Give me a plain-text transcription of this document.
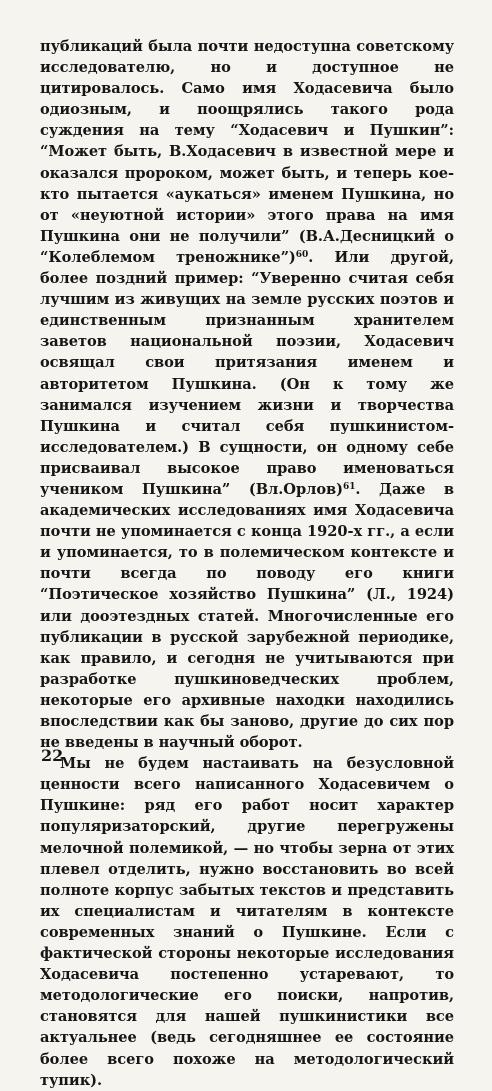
публикаций была почти недоступна советскому исследователю, но и доступное не цитировалось. Само имя Ходасевича было одиозным, и поощрялись такого рода суждения на тему “Ходасевич и Пушкин”: “Может быть, В.Ходасевич в известной мере и оказался пророком, может быть, и теперь кое-кто пытается «аукаться» именем Пушкина, но от «неуютной истории» этого права на имя Пушкина они не получили” (В.А.Десницкий о “Колеблемом треножнике”)$^{60}$. Или другой, более поздний пример: “Уверенно считая себя лучшим из живущих на земле русских поэтов и единственным признанным хранителем заветов национальной поэзии, Ходасевич освящал свои притязания именем и авторитетом Пушкина. (Он к тому же занимался изучением жизни и творчества Пушкина и считал себя пушкинистом-исследователем.) В сущности, он одному себе присваивал высокое право именоваться учеником Пушкина” (Вл.Орлов)$^{61}$. Даже в академических исследованиях имя Ходасевича почти не упоминается с конца 1920-х гг., а если и упоминается, то в полемическом контексте и почти всегда по поводу его книги “Поэтическое хозяйство Пушкина” (Л., 1924) или дооэтездных статей. Многочисленные его публикации в русской зарубежной периодике, как правило, и сегодня не учитываются при разработке пушкиноведческих проблем, некоторые его архивные находки находились впоследствии как бы заново, другие до сих пор не введены в научный оборот.

Мы не будем настаивать на безусловной ценности всего написанного Ходасевичем о Пушкине: ряд его работ носит характер популяризаторский, другие перегружены мелочной полемикой, — но чтобы зерна от этих плевел отделить, нужно восстановить во всей полноте корпус забытых текстов и представить их специалистам и читателям в контексте современных знаний о Пушкине. Если с фактической стороны некоторые исследования Ходасевича постепенно устаревают, то методологические его поиски, напротив, становятся для нашей пушкинистики все актуальнее (ведь сегодняшнее ее состояние более всего похоже на методологический тупик).

22
